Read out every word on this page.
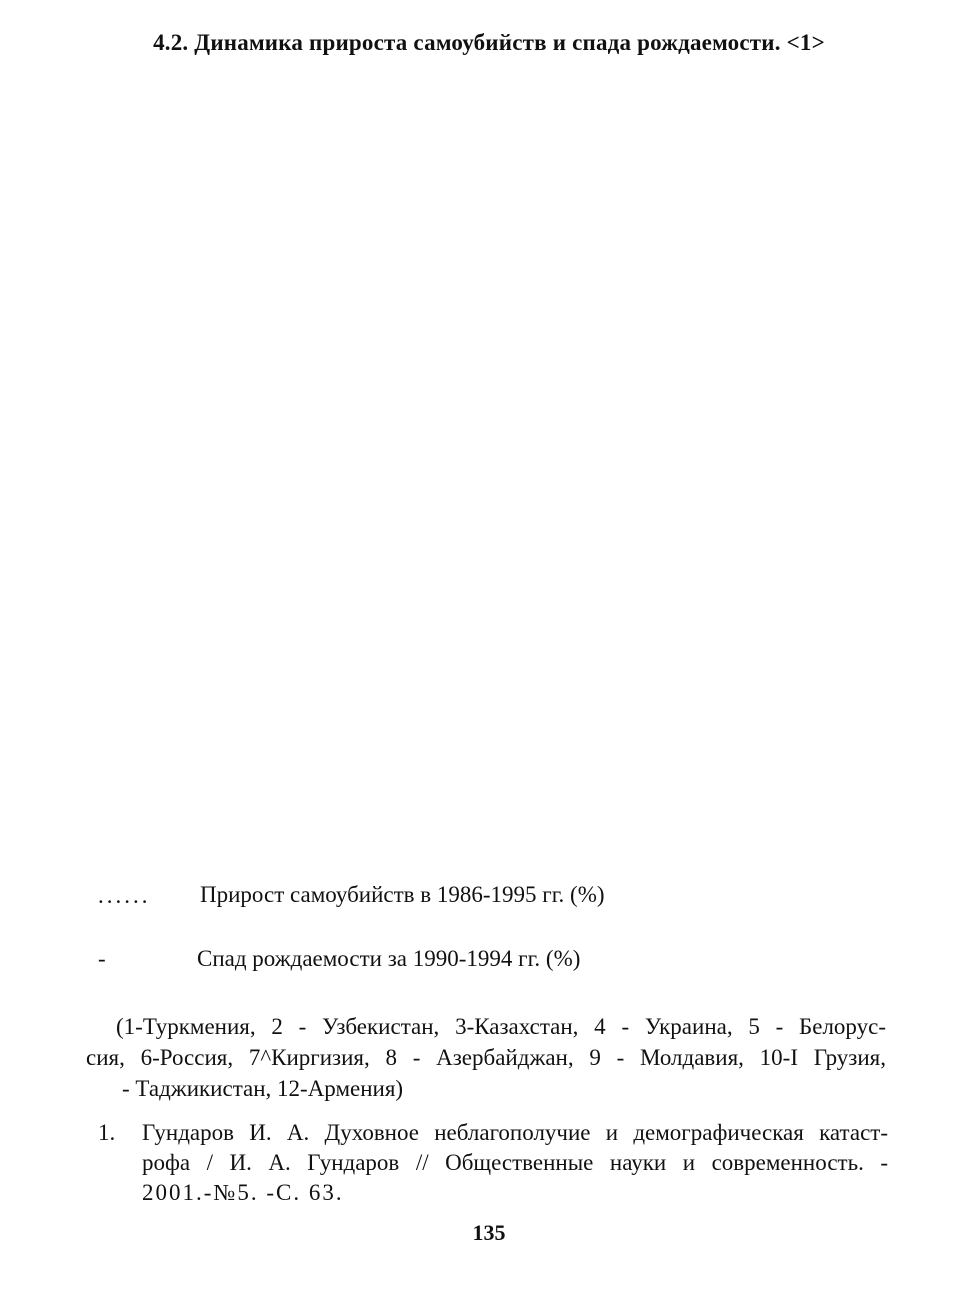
4.2. Динамика прироста самоубийств и спада рождаемости. <1>
...... Прирост самоубийств в 1986-1995 гг. (%)
-	Спад рождаемости за 1990-1994 гг. (%)
(1-Туркмения, 2 - Узбекистан, 3-Казахстан, 4 - Украина, 5 - Белорус-
сия, 6-Россия, 7^Киргизия, 8 - Азербайджан, 9 - Молдавия, 10-I Грузия,
- Таджикистан, 12-Армения)
1. Гундаров И. А. Духовное неблагополучие и демографическая катаст-
рофа / И. А. Гундаров // Общественные науки и современность. -
2001.-№5. -С. 63.
135
